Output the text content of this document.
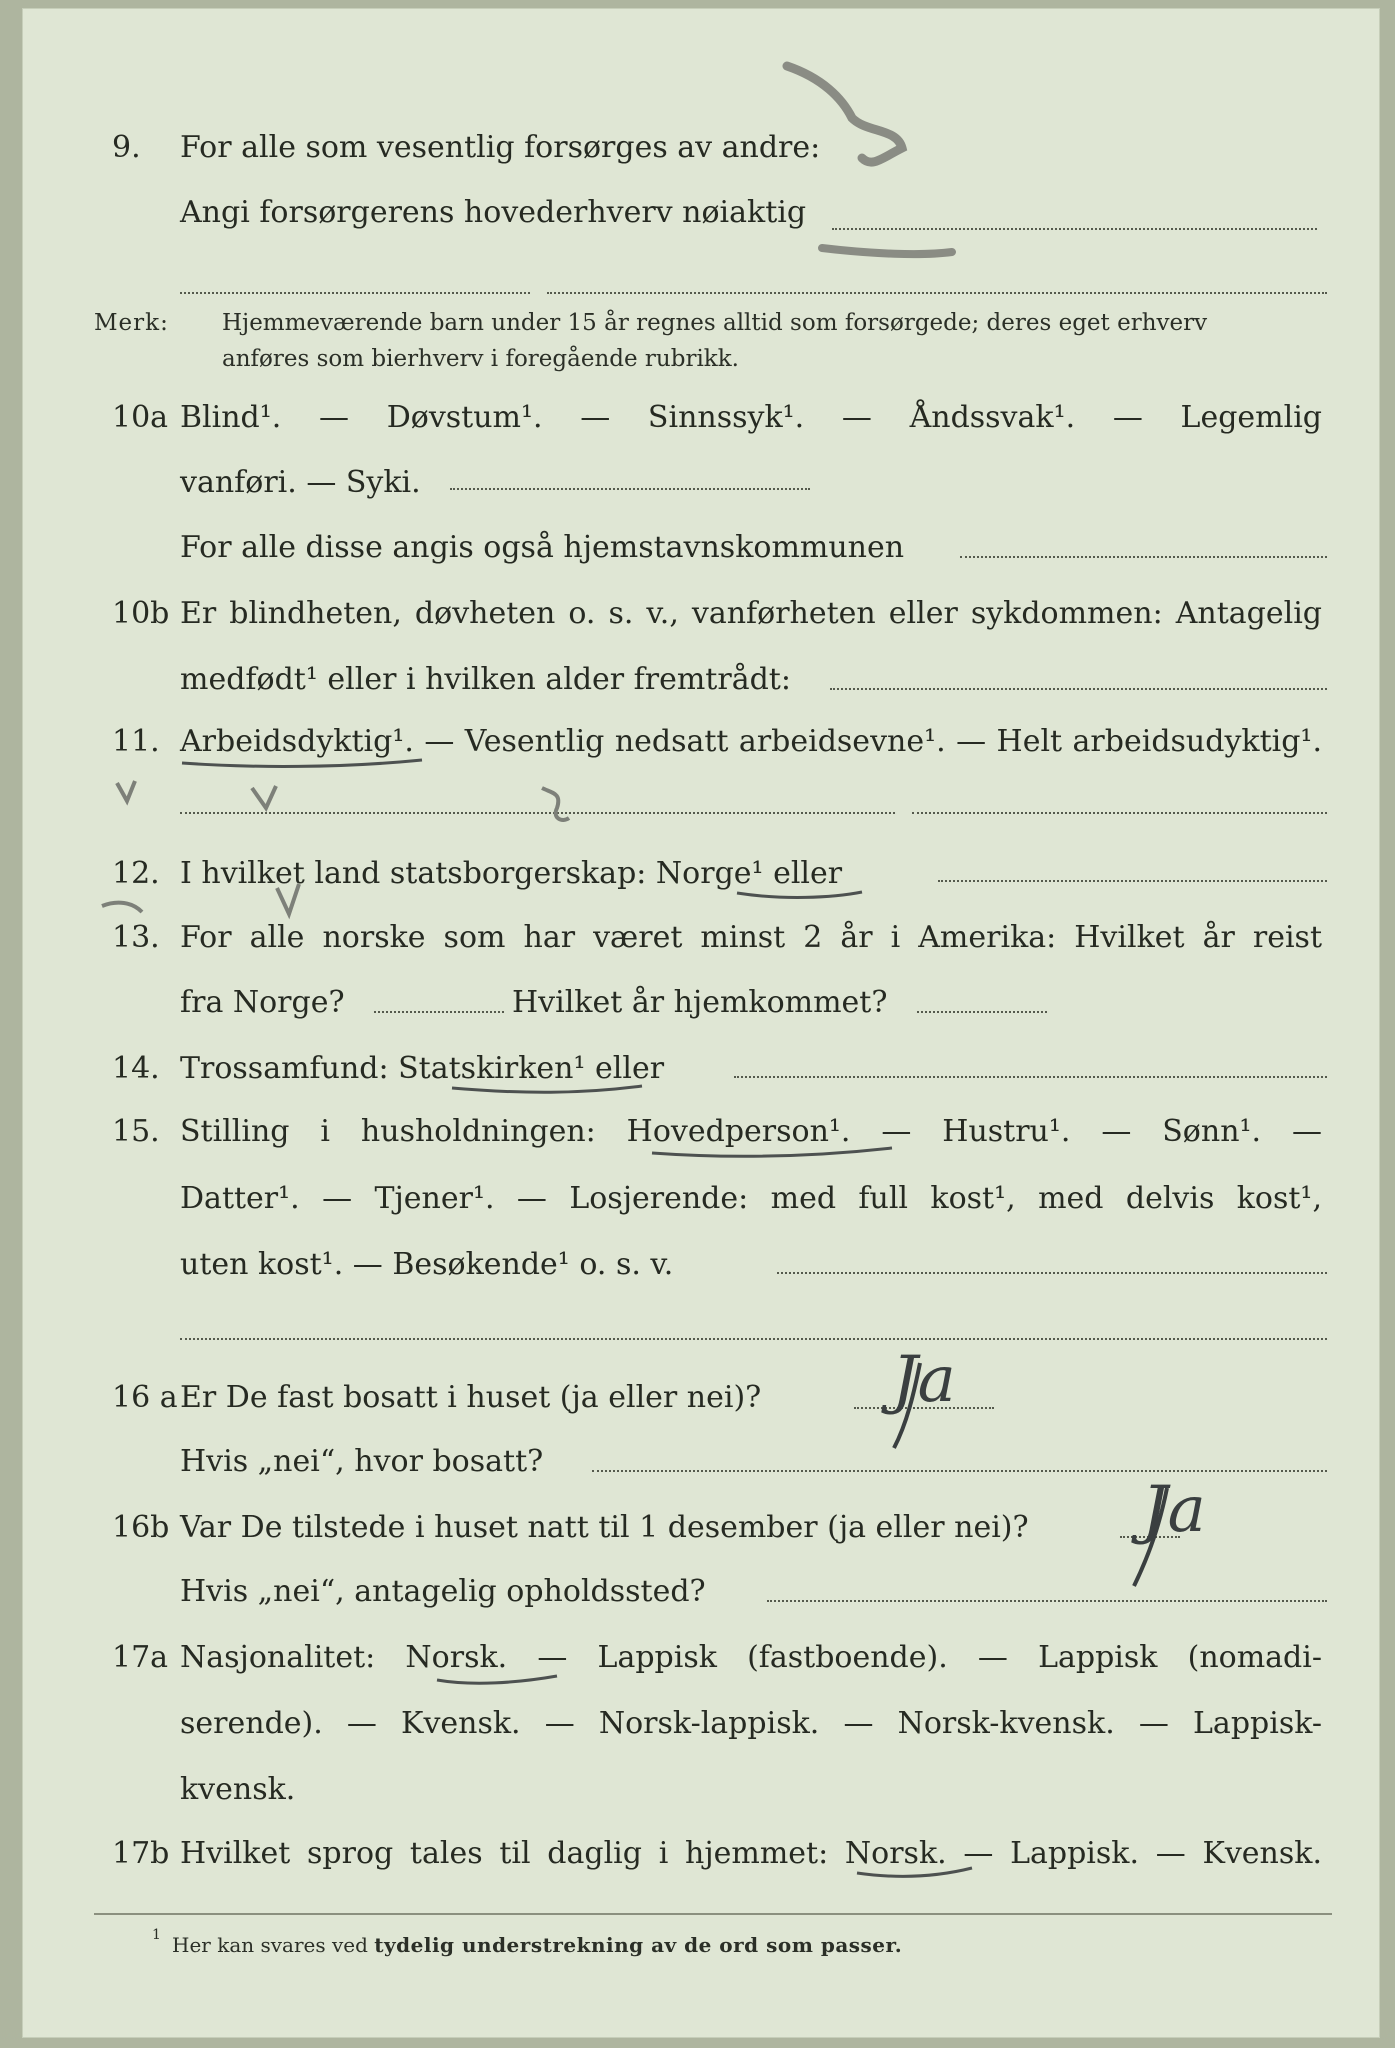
9.	For alle som vesentlig forsørges av andre:
Angi forsørgerens hovederhverv nøiaktig
Merk: Hjemmeværende barn under 15 år regnes alltid som forsørgede; deres eget erhverv
anføres som bierhverv i foregående rubrikk.
10a Blind¹. — Døvstum¹. — Sinnssyk¹. — Åndssvak¹. — Legemlig
vanføri. — Syki.
For alle disse angis også hjemstavnskommunen
10b Er blindheten, døvheten o. s. v., vanførheten eller sykdommen: Antagelig
medfødt¹ eller i hvilken alder fremtrådt:
11. Arbeidsdyktig¹. — Vesentlig nedsatt arbeidsevne¹. — Helt arbeidsudyktig¹.
12. I hvilket land statsborgerskap: Norge¹ eller
13. For alle norske som har været minst 2 år i Amerika: Hvilket år reist
fra Norge?	Hvilket år hjemkommet?
14. Trossamfund: Statskirken¹ eller
15. Stilling i husholdningen: Hovedperson¹. — Hustru¹. — Sønn¹. —
Datter¹. — Tjener¹. — Losjerende: med full kost¹, med delvis kost¹,
uten kost¹. — Besøkende¹ o. s. v.
16 a Er De fast bosatt i huset (ja eller nei)? Ja
Hvis „nei“, hvor bosatt?
16b Var De tilstede i huset natt til 1 desember (ja eller nei)? Ja
Hvis „nei“, antagelig opholdssted?
17a Nasjonalitet: Norsk. — Lappisk (fastboende). — Lappisk (nomadi-
serende). — Kvensk. — Norsk-lappisk. — Norsk-kvensk. — Lappisk-
kvensk.
17b Hvilket sprog tales til daglig i hjemmet: Norsk. — Lappisk. — Kvensk.
1 Her kan svares ved tydelig understrekning av de ord som passer.
